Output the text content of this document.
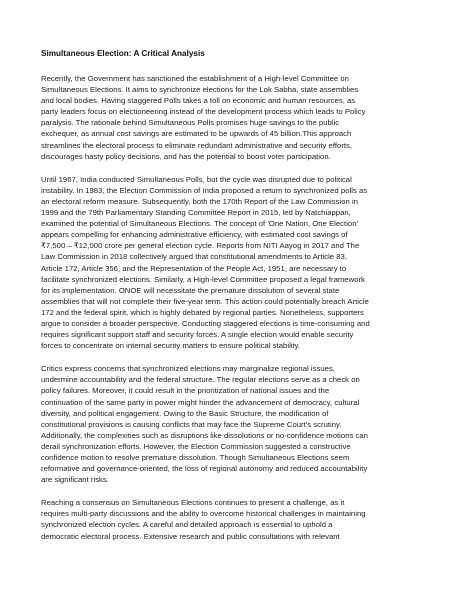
Simultaneous Election: A Critical Analysis

Recently, the Government has sanctioned the establishment of a High-level Committee on
Simultaneous Elections. It aims to synchronize elections for the Lok Sabha, state assemblies
and local bodies. Having staggered Polls takes a toll on economic and human resources, as
party leaders focus on electioneering instead of the development process which leads to Policy
paralysis. The rationale behind Simultaneous Polls promises huge savings to the public
exchequer, as annual cost savings are estimated to be upwards of 45 billion.This approach
streamlines the electoral process to eliminate redundant administrative and security efforts,
discourages hasty policy decisions, and has the potential to boost voter participation.

Until 1967, India conducted Simultaneous Polls, but the cycle was disrupted due to political
instability. In 1983, the Election Commission of India proposed a return to synchronized polls as
an electoral reform measure. Subsequently, both the 170th Report of the Law Commission in
1999 and the 79th Parliamentary Standing Committee Report in 2015, led by Natchiappan,
examined the potential of Simultaneous Elections. The concept of 'One Nation, One Election'
appears compelling for enhancing administrative efficiency, with estimated cost savings of
₹7,500 – ₹12,000 crore per general election cycle. Reports from NITI Aayog in 2017 and The
Law Commission in 2018 collectively argued that constitutional amendments to Article 83,
Article 172, Article 356, and the Representation of the People Act, 1951, are necessary to
facilitate synchronized elections. Similarly, a High-level Committee proposed a legal framework
for its implementation. ONOE will necessitate the premature dissolution of several state
assemblies that will not complete their five-year term. This action could potentially breach Article
172 and the federal spirit, which is highly debated by regional parties. Nonetheless, supporters
argue to consider a broader perspective. Conducting staggered elections is time-consuming and
requires significant support staff and security forces. A single election would enable security
forces to concentrate on internal security matters to ensure political stability.

Critics express concerns that synchronized elections may marginalize regional issues,
undermine accountability and the federal structure. The regular elections serve as a check on
policy failures. Moreover, it could result in the prioritization of national issues and the
continuation of the same party in power might hinder the advancement of democracy, cultural
diversity, and political engagement. Owing to the Basic Structure, the modification of
constitutional provisions is causing conflicts that may face the Supreme Court's scrutiny.
Additionally, the complexities such as disruptions like dissolutions or no-confidence motions can
derail synchronization efforts. However, the Election Commission suggested a constructive
confidence motion to resolve premature dissolution. Though Simultaneous Elections seem
reformative and governance-oriented, the loss of regional autonomy and reduced accountability
are significant risks.

Reaching a consensus on Simultaneous Elections continues to present a challenge, as it
requires multi-party discussions and the ability to overcome historical challenges in maintaining
synchronized election cycles. A careful and detailed approach is essential to uphold a
democratic electoral process. Extensive research and public consultations with relevant
